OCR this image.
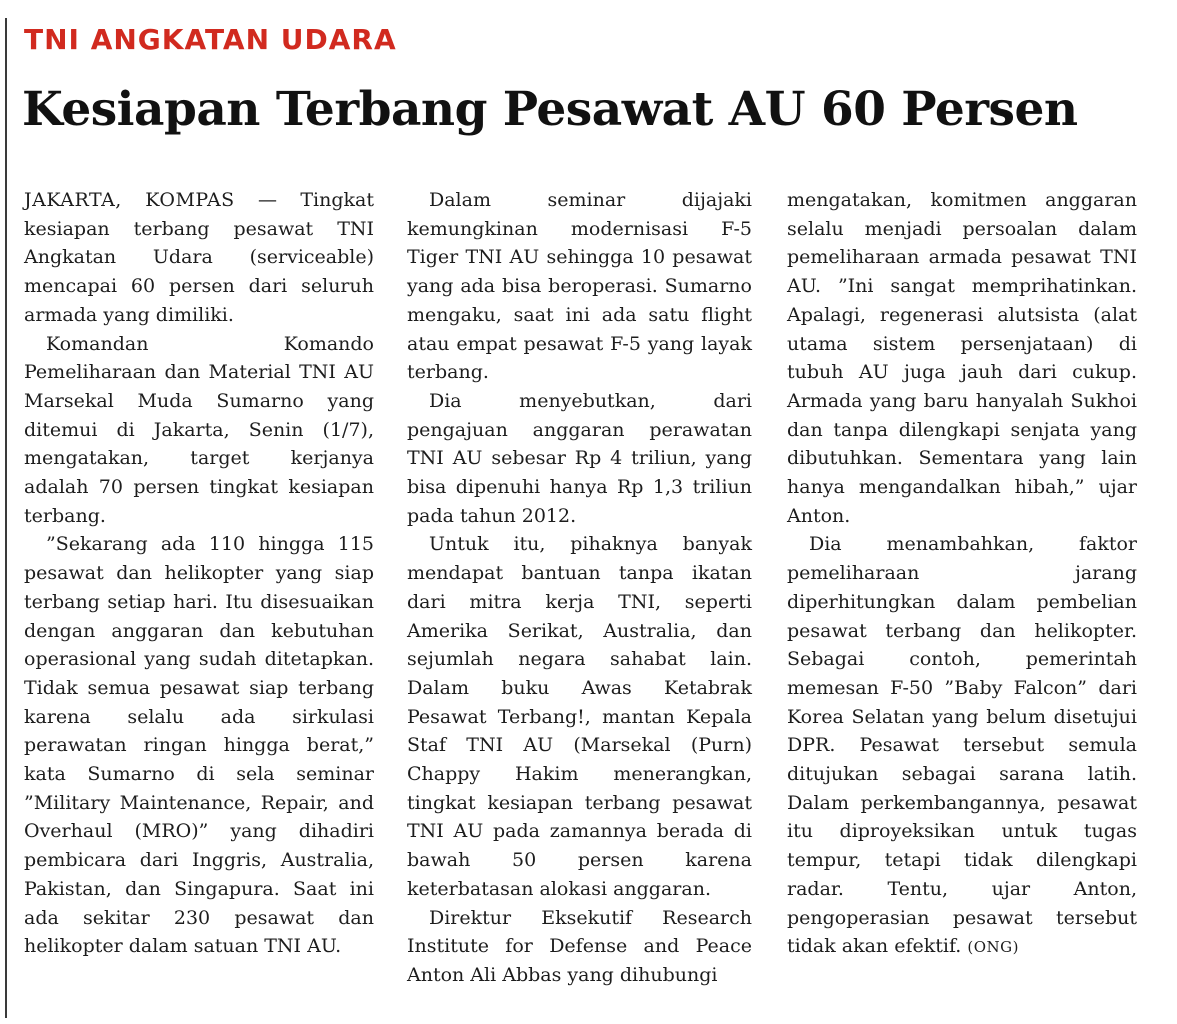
TNI ANGKATAN UDARA
Kesiapan Terbang Pesawat AU 60 Persen

JAKARTA, KOMPAS — Tingkat kesiapan terbang pesawat TNI Angkatan Udara (serviceable) mencapai 60 persen dari seluruh armada yang dimiliki.

Komandan Komando Pemeliharaan dan Material TNI AU Marsekal Muda Sumarno yang ditemui di Jakarta, Senin (1/7), mengatakan, target kerjanya adalah 70 persen tingkat kesiapan terbang.

”Sekarang ada 110 hingga 115 pesawat dan helikopter yang siap terbang setiap hari. Itu disesuaikan dengan anggaran dan kebutuhan operasional yang sudah ditetapkan. Tidak semua pesawat siap terbang karena selalu ada sirkulasi perawatan ringan hingga berat,” kata Sumarno di sela seminar ”Military Maintenance, Repair, and Overhaul (MRO)” yang dihadiri pembicara dari Inggris, Australia, Pakistan, dan Singapura. Saat ini ada sekitar 230 pesawat dan helikopter dalam satuan TNI AU.

Dalam seminar dijajaki kemungkinan modernisasi F-5 Tiger TNI AU sehingga 10 pesawat yang ada bisa beroperasi. Sumarno mengaku, saat ini ada satu flight atau empat pesawat F-5 yang layak terbang.

Dia menyebutkan, dari pengajuan anggaran perawatan TNI AU sebesar Rp 4 triliun, yang bisa dipenuhi hanya Rp 1,3 triliun pada tahun 2012.

Untuk itu, pihaknya banyak mendapat bantuan tanpa ikatan dari mitra kerja TNI, seperti Amerika Serikat, Australia, dan sejumlah negara sahabat lain. Dalam buku Awas Ketabrak Pesawat Terbang!, mantan Kepala Staf TNI AU (Marsekal (Purn) Chappy Hakim menerangkan, tingkat kesiapan terbang pesawat TNI AU pada zamannya berada di bawah 50 persen karena keterbatasan alokasi anggaran.

Direktur Eksekutif Research Institute for Defense and Peace Anton Ali Abbas yang dihubungi

mengatakan, komitmen anggaran selalu menjadi persoalan dalam pemeliharaan armada pesawat TNI AU. ”Ini sangat memprihatinkan. Apalagi, regenerasi alutsista (alat utama sistem persenjataan) di tubuh AU juga jauh dari cukup. Armada yang baru hanyalah Sukhoi dan tanpa dilengkapi senjata yang dibutuhkan. Sementara yang lain hanya mengandalkan hibah,” ujar Anton.

Dia menambahkan, faktor pemeliharaan jarang diperhitungkan dalam pembelian pesawat terbang dan helikopter. Sebagai contoh, pemerintah memesan F-50 ”Baby Falcon” dari Korea Selatan yang belum disetujui DPR. Pesawat tersebut semula ditujukan sebagai sarana latih. Dalam perkembangannya, pesawat itu diproyeksikan untuk tugas tempur, tetapi tidak dilengkapi radar. Tentu, ujar Anton, pengoperasian pesawat tersebut tidak akan efektif. (ONG)
